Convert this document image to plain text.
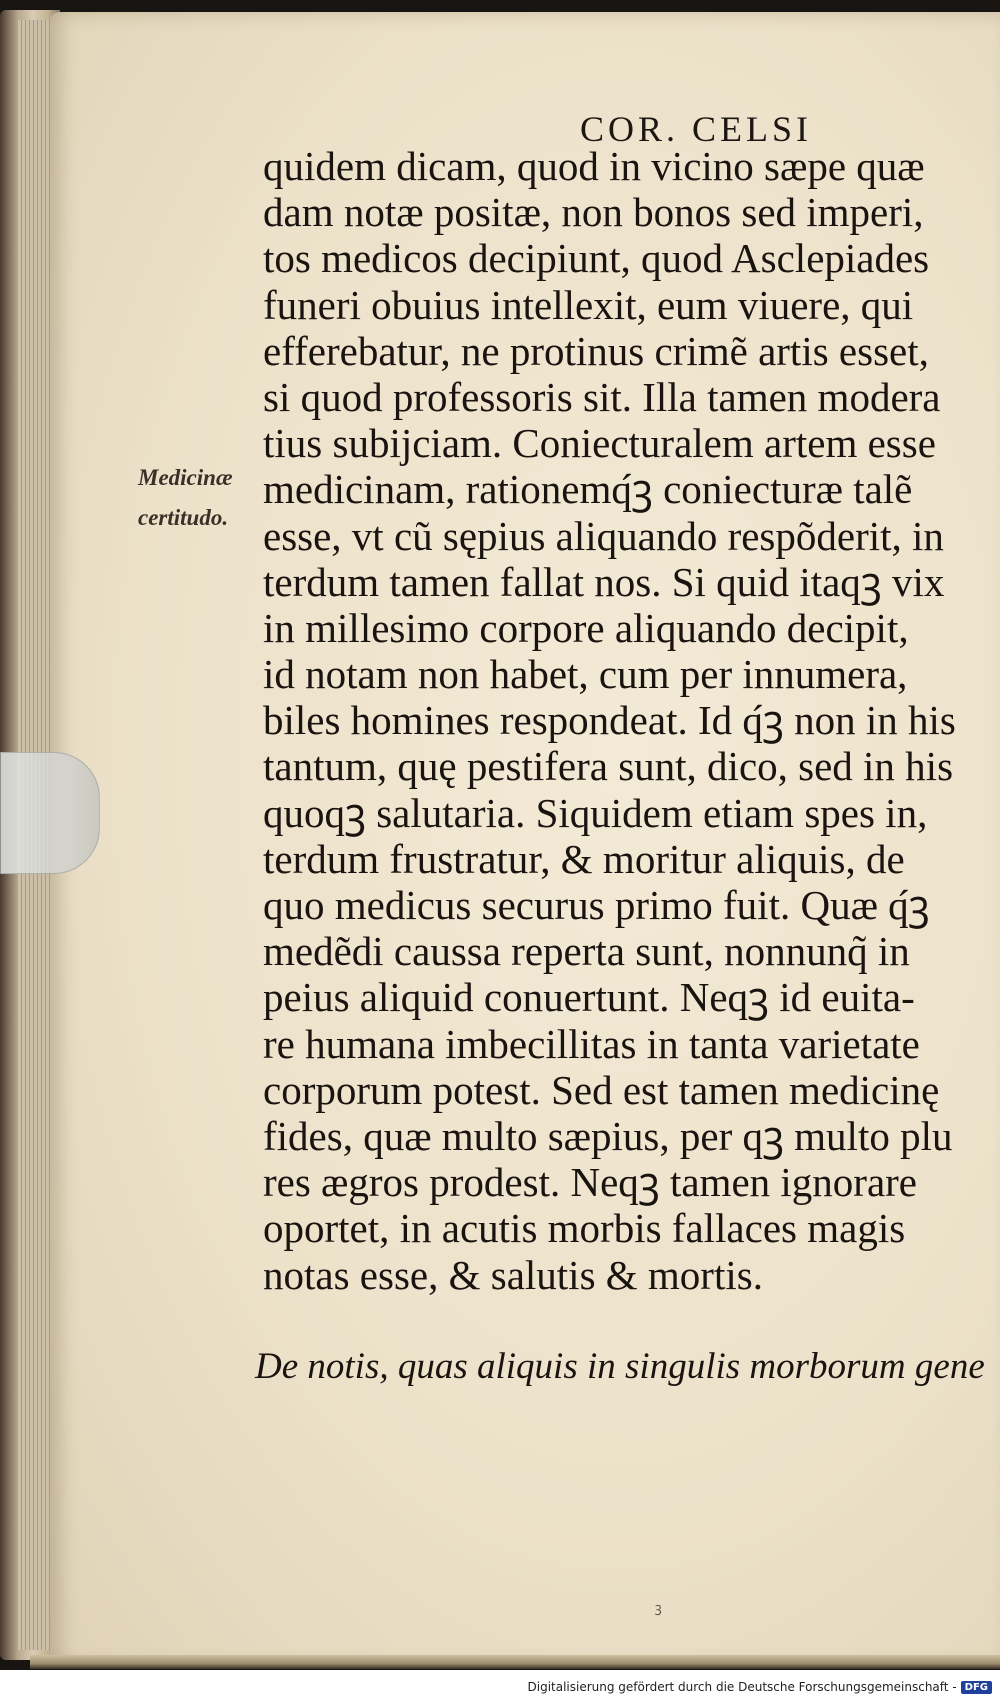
COR. CELSI
Medicinæ
certitudo.
quidem dicam, quod in vicino sæpe quæ
dam notæ positæ, non bonos sed imperi,
tos medicos decipiunt, quod Asclepiades
funeri obuius intellexit, eum viuere, qui
efferebatur, ne protinus crimẽ artis esset,
si quod professoris sit. Illa tamen modera
tius subijciam. Coniecturalem artem esse
medicinam, rationemq́ꝫ coniecturæ talẽ
esse, vt cũ sępius aliquando respõderit, in
terdum tamen fallat nos. Si quid itaqꝫ vix
in millesimo corpore aliquando decipit,
id notam non habet, cum per innumera,
biles homines respondeat. Id q́ꝫ non in his
tantum, quę pestifera sunt, dico, sed in his
quoqꝫ salutaria. Siquidem etiam spes in,
terdum frustratur, & moritur aliquis, de
quo medicus securus primo fuit. Quæ q́ꝫ
medẽdi caussa reperta sunt, nonnunq̃ in
peius aliquid conuertunt. Neqꝫ id euita-
re humana imbecillitas in tanta varietate
corporum potest. Sed est tamen medicinę
fides, quæ multo sæpius, per qꝫ multo plu
res ægros prodest. Neqꝫ tamen ignorare
oportet, in acutis morbis fallaces magis
notas esse, & salutis & mortis.
De notis, quas aliquis in singulis morborum gene
ꝫ
Digitalisierung gefördert durch die Deutsche Forschungsgemeinschaft - DFG
